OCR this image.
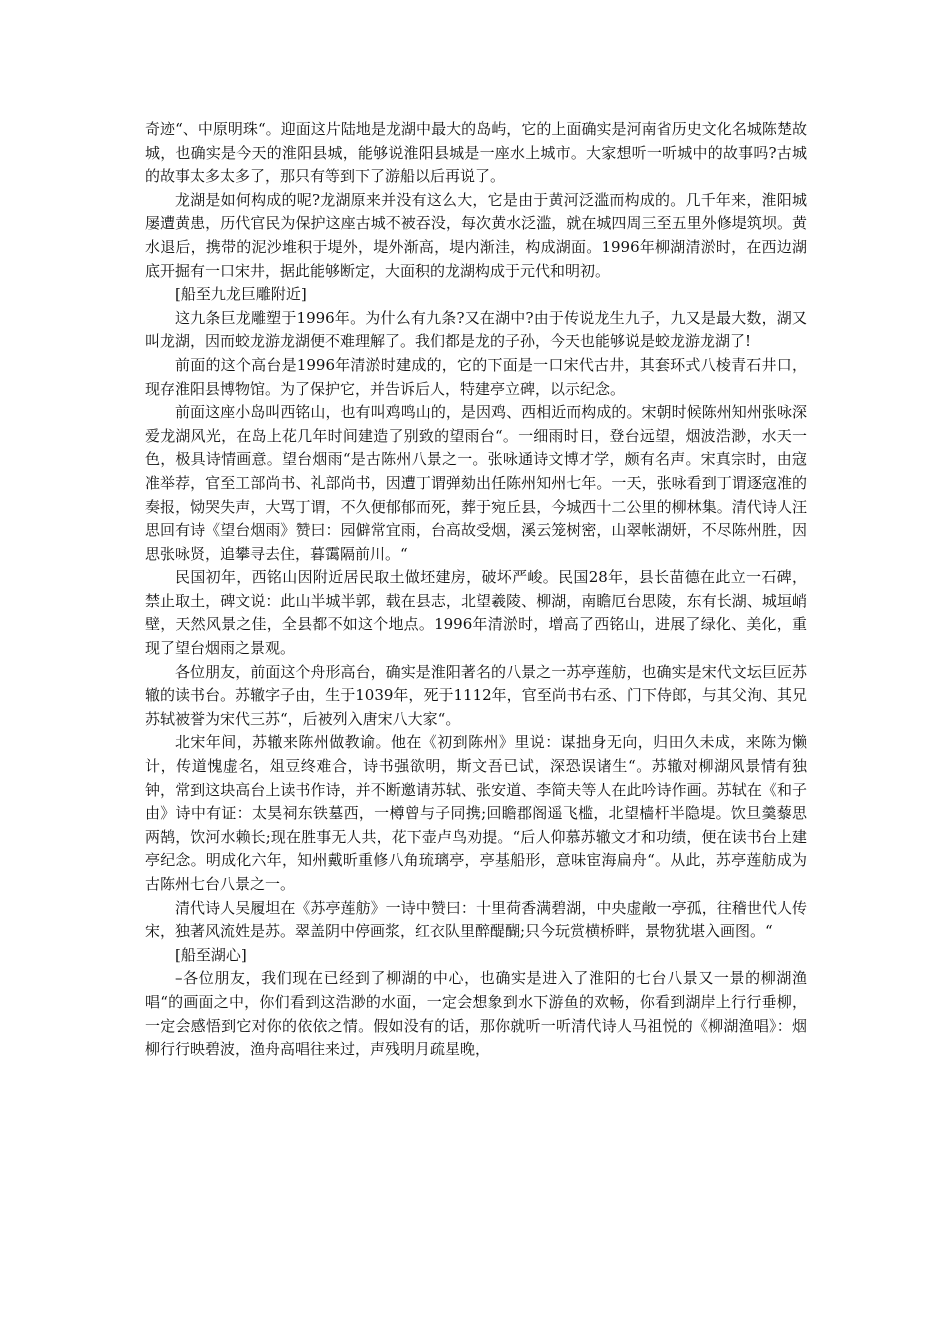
奇迹“、中原明珠“。迎面这片陆地是龙湖中最大的岛屿，它的上面确实是河南省历史文化名城陈楚故城，也确实是今天的淮阳县城，能够说淮阳县城是一座水上城市。大家想听一听城中的故事吗?古城的故事太多太多了，那只有等到下了游船以后再说了。

龙湖是如何构成的呢?龙湖原来并没有这么大，它是由于黄河泛滥而构成的。几千年来，淮阳城屡遭黄患，历代官民为保护这座古城不被吞没，每次黄水泛滥，就在城四周三至五里外修堤筑坝。黄水退后，携带的泥沙堆积于堤外，堤外渐高，堤内渐洼，构成湖面。1996年柳湖清淤时，在西边湖底开掘有一口宋井，据此能够断定，大面积的龙湖构成于元代和明初。

[船至九龙巨雕附近]

这九条巨龙雕塑于1996年。为什么有九条?又在湖中?由于传说龙生九子，九又是最大数，湖又叫龙湖，因而蛟龙游龙湖便不难理解了。我们都是龙的子孙，今天也能够说是蛟龙游龙湖了!

前面的这个高台是1996年清淤时建成的，它的下面是一口宋代古井，其套环式八棱青石井口，现存淮阳县博物馆。为了保护它，并告诉后人，特建亭立碑，以示纪念。

前面这座小岛叫西铭山，也有叫鸡鸣山的，是因鸡、西相近而构成的。宋朝时候陈州知州张咏深爱龙湖风光，在岛上花几年时间建造了别致的望雨台“。一细雨时日，登台远望，烟波浩渺，水天一色，极具诗情画意。望台烟雨“是古陈州八景之一。张咏通诗文博才学，颇有名声。宋真宗时，由寇准举荐，官至工部尚书、礼部尚书，因遭丁谓弹劾出任陈州知州七年。一天，张咏看到丁谓逐寇准的奏报，恸哭失声，大骂丁谓，不久便郁郁而死，葬于宛丘县，今城西十二公里的柳林集。清代诗人汪思回有诗《望台烟雨》赞曰：园僻常宜雨，台高故受烟，溪云笼树密，山翠帐湖妍，不尽陈州胜，因思张咏贤，追攀寻去住，暮霭隔前川。“

民国初年，西铭山因附近居民取土做坯建房，破坏严峻。民国28年，县长苗德在此立一石碑，禁止取土，碑文说：此山半城半郭，载在县志，北望羲陵、柳湖，南瞻厄台思陵，东有长湖、城垣峭壁，天然风景之佳，全县都不如这个地点。1996年清淤时，增高了西铭山，进展了绿化、美化，重现了望台烟雨之景观。

各位朋友，前面这个舟形高台，确实是淮阳著名的八景之一苏亭莲舫，也确实是宋代文坛巨匠苏辙的读书台。苏辙字子由，生于1039年，死于1112年，官至尚书右丞、门下侍郎，与其父洵、其兄苏轼被誉为宋代三苏“，后被列入唐宋八大家“。

北宋年间，苏辙来陈州做教谕。他在《初到陈州》里说：谋拙身无向，归田久未成，来陈为懒计，传道愧虚名，俎豆终难合，诗书强欲明，斯文吾已试，深恐误诸生“。苏辙对柳湖风景情有独钟，常到这块高台上读书作诗，并不断邀请苏轼、张安道、李简夫等人在此吟诗作画。苏轼在《和子由》诗中有证：太昊祠东铁墓西，一樽曾与子同携;回瞻郡阁遥飞槛，北望樯杆半隐堤。饮旦羹藜思两鹄，饮河水赖长;现在胜事无人共，花下壶卢鸟劝提。“后人仰慕苏辙文才和功绩，便在读书台上建亭纪念。明成化六年，知州戴昕重修八角琉璃亭，亭基船形，意味宦海扁舟“。从此，苏亭莲舫成为古陈州七台八景之一。

清代诗人吴履坦在《苏亭莲舫》一诗中赞曰：十里荷香满碧湖，中央虚敞一亭孤，往稽世代人传宋，独著风流姓是苏。翠盖阴中停画浆，红衣队里醉醍醐;只今玩赏横桥畔，景物犹堪入画图。“

[船至湖心]

–各位朋友，我们现在已经到了柳湖的中心，也确实是进入了淮阳的七台八景又一景的柳湖渔唱“的画面之中，你们看到这浩渺的水面，一定会想象到水下游鱼的欢畅，你看到湖岸上行行垂柳，一定会感悟到它对你的依依之情。假如没有的话，那你就听一听清代诗人马祖悦的《柳湖渔唱》：烟柳行行映碧波，渔舟高唱往来过，声残明月疏星晚，
